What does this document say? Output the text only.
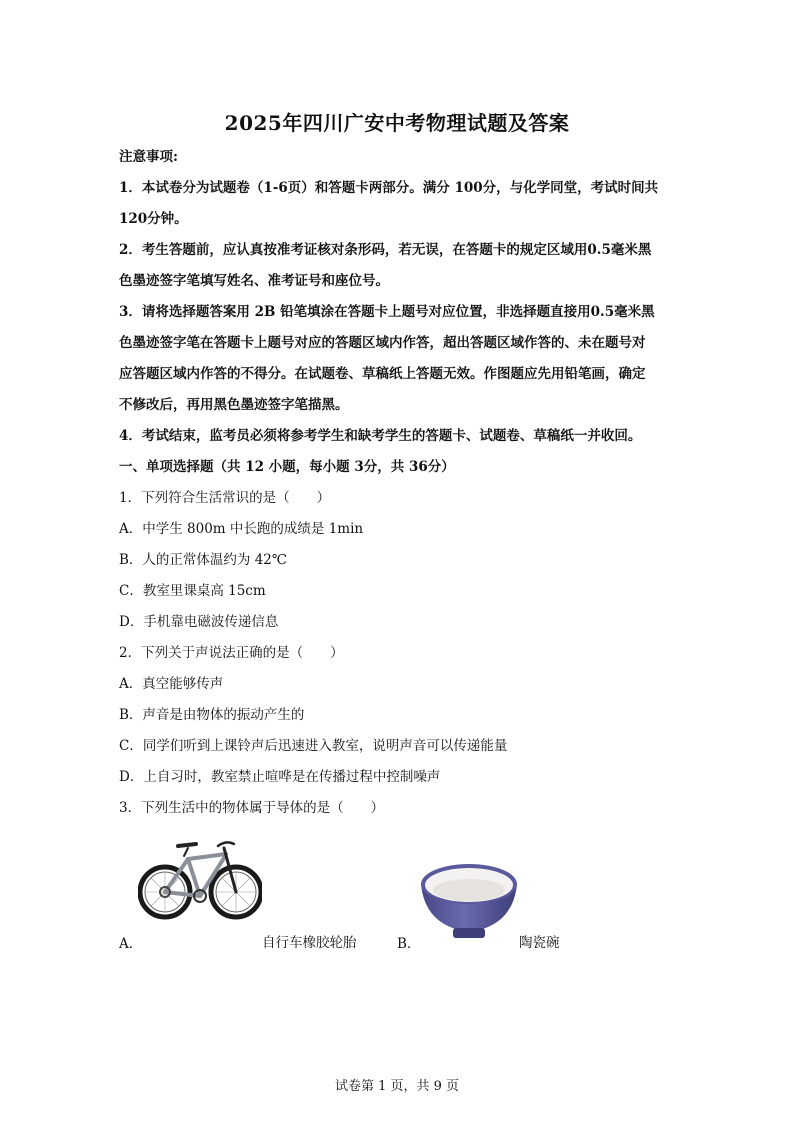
2025年四川广安中考物理试题及答案
注意事项:
1．本试卷分为试题卷（1-6页）和答题卡两部分。满分 100分，与化学同堂，考试时间共
120分钟。
2．考生答题前，应认真按准考证核对条形码，若无误，在答题卡的规定区域用0.5毫米黑
色墨迹签字笔填写姓名、准考证号和座位号。
3．请将选择题答案用 2B 铅笔填涂在答题卡上题号对应位置，非选择题直接用0.5毫米黑
色墨迹签字笔在答题卡上题号对应的答题区域内作答，超出答题区域作答的、未在题号对
应答题区域内作答的不得分。在试题卷、草稿纸上答题无效。作图题应先用铅笔画，确定
不修改后，再用黑色墨迹签字笔描黑。
4．考试结束，监考员必须将参考学生和缺考学生的答题卡、试题卷、草稿纸一并收回。
一、单项选择题（共 12 小题，每小题 3分，共 36分）
1．下列符合生活常识的是（　　）
A．中学生 800m 中长跑的成绩是 1min
B．人的正常体温约为 42℃
C．教室里课桌高 15cm
D．手机靠电磁波传递信息
2．下列关于声说法正确的是（　　）
A．真空能够传声
B．声音是由物体的振动产生的
C．同学们听到上课铃声后迅速进入教室，说明声音可以传递能量
D．上自习时，教室禁止喧哗是在传播过程中控制噪声
3．下列生活中的物体属于导体的是（　　）
A．	自行车橡胶轮胎	B．	陶瓷碗
试卷第 1 页，共 9 页
